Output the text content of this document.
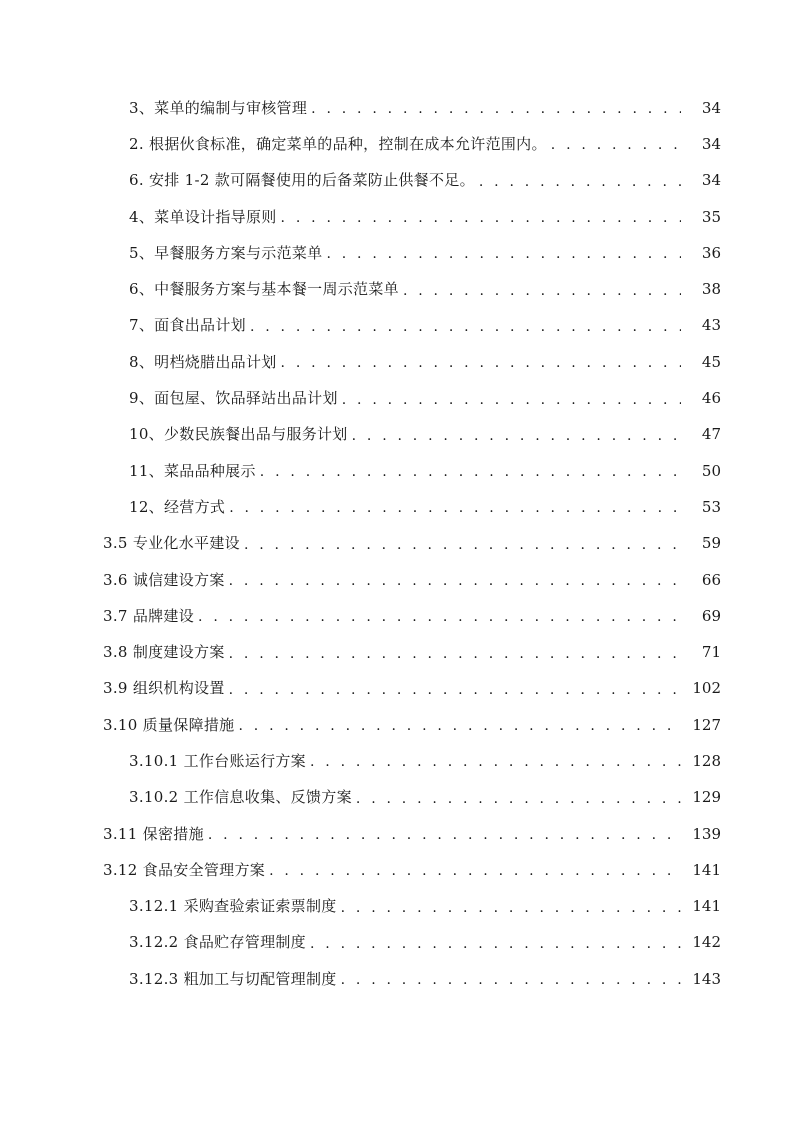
3、菜单的编制与审核管理 . . .	34
2. 根据伙食标准，确定菜单的品种，控制在成本允许范围内。 . . .	34
6. 安排 1-2 款可隔餐使用的后备菜防止供餐不足。 . . .	34
4、菜单设计指导原则 . . .	35
5、早餐服务方案与示范菜单 . . .	36
6、中餐服务方案与基本餐一周示范菜单 . . .	38
7、面食出品计划 . . .	43
8、明档烧腊出品计划 . . .	45
9、面包屋、饮品驿站出品计划 . . .	46
10、少数民族餐出品与服务计划 . . .	47
11、菜品品种展示 . . .	50
12、经营方式 . . .	53
3.5 专业化水平建设 . . .	59
3.6 诚信建设方案 . . .	66
3.7 品牌建设 . . .	69
3.8 制度建设方案 . . .	71
3.9 组织机构设置 . . .	102
3.10 质量保障措施 . . .	127
3.10.1 工作台账运行方案 . . .	128
3.10.2 工作信息收集、反馈方案 . . .	129
3.11 保密措施 . . .	139
3.12 食品安全管理方案 . . .	141
3.12.1 采购查验索证索票制度 . . .	141
3.12.2 食品贮存管理制度 . . .	142
3.12.3 粗加工与切配管理制度 . . .	143
